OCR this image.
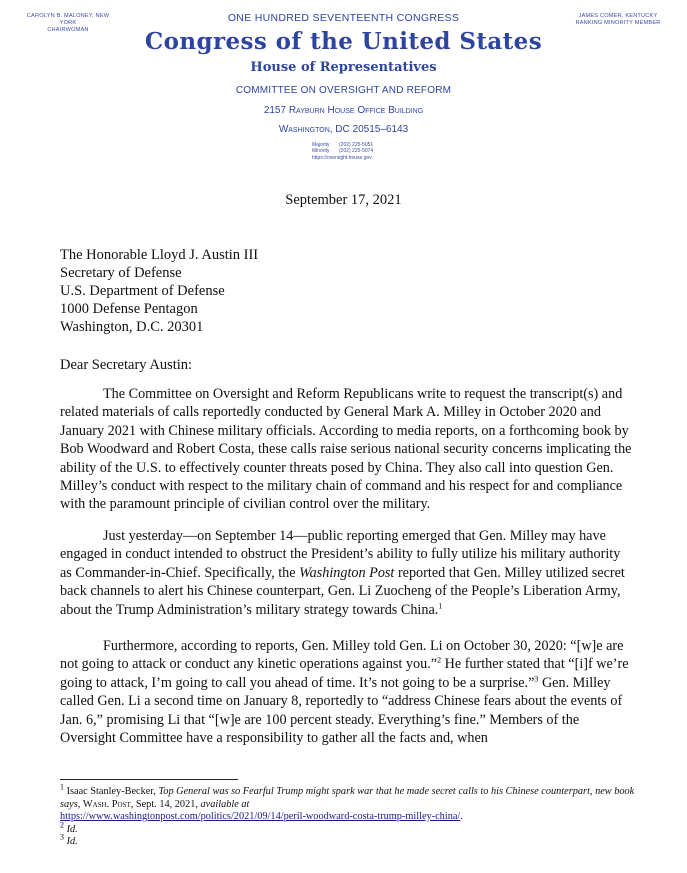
CAROLYN B. MALONEY, NEW YORK
CHAIRWOMAN
JAMES COMER, KENTUCKY
RANKING MINORITY MEMBER
ONE HUNDRED SEVENTEENTH CONGRESS
Congress of the United States
House of Representatives
COMMITTEE ON OVERSIGHT AND REFORM
2157 Rayburn House Office Building
Washington, DC 20515–6143
Majority (202) 225-5051
Minority (202) 225-5074
https://oversight.house.gov
September 17, 2021
The Honorable Lloyd J. Austin III
Secretary of Defense
U.S. Department of Defense
1000 Defense Pentagon
Washington, D.C. 20301
Dear Secretary Austin:

The Committee on Oversight and Reform Republicans write to request the transcript(s) and related materials of calls reportedly conducted by General Mark A. Milley in October 2020 and January 2021 with Chinese military officials. According to media reports, on a forthcoming book by Bob Woodward and Robert Costa, these calls raise serious national security concerns implicating the ability of the U.S. to effectively counter threats posed by China. They also call into question Gen. Milley’s conduct with respect to the military chain of command and his respect for and compliance with the paramount principle of civilian control over the military.

Just yesterday—on September 14—public reporting emerged that Gen. Milley may have engaged in conduct intended to obstruct the President’s ability to fully utilize his military authority as Commander-in-Chief. Specifically, the Washington Post reported that Gen. Milley utilized secret back channels to alert his Chinese counterpart, Gen. Li Zuocheng of the People’s Liberation Army, about the Trump Administration’s military strategy towards China.$^1$

Furthermore, according to reports, Gen. Milley told Gen. Li on October 30, 2020: “[w]e are not going to attack or conduct any kinetic operations against you.”$^2$ He further stated that “[i]f we’re going to attack, I’m going to call you ahead of time. It’s not going to be a surprise.”$^3$ Gen. Milley called Gen. Li a second time on January 8, reportedly to “address Chinese fears about the events of Jan. 6,” promising Li that “[w]e are 100 percent steady. Everything’s fine.” Members of the Oversight Committee have a responsibility to gather all the facts and, when

$^1$ Isaac Stanley-Becker, Top General was so Fearful Trump might spark war that he made secret calls to his Chinese counterpart, new book says, Wash. Post, Sept. 14, 2021, available at
https://www.washingtonpost.com/politics/2021/09/14/peril-woodward-costa-trump-milley-china/.

$^2$ Id.

$^3$ Id.
